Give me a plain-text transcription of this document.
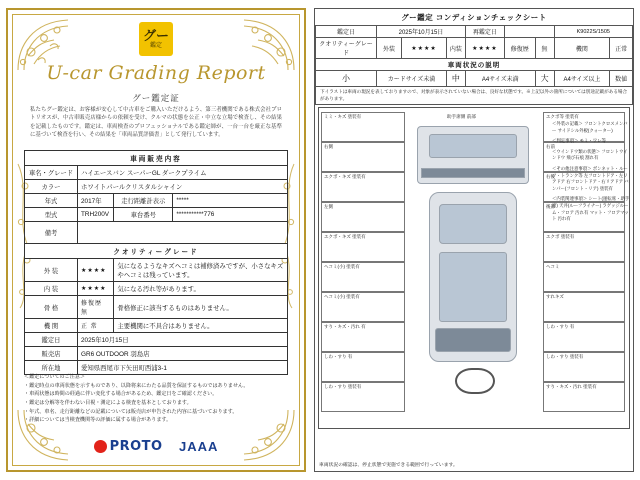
グー
鑑定
U-car Grading Report
グー鑑定証
私たちグー鑑定は、お客様が安心して中古車をご購入いただけるよう、第三者機関である株式会社プロトリオスが、中古車販売店様からの依頼を受け、クルマの状態を公正・中立な立場で検査し、その結果を記載したものです。鑑定は、車両検査のプロフェッショナルである鑑定師が、一台一台を厳正な基準に基づいて検査を行い、その結果を「車両品質評価書」として発行しています。
車両販売内容			
車名・グレード	ハイエースバン スーパーGL ダークプライム		
カラー	ホワイトパールクリスタルシャイン		
年式	2017年	走行距離計表示	*****
型式	TRH200V	車台番号	***********776
備考			
クオリティーグレード			
外 装	★★★★	気になるようなキズヘコミは補修済みですが、小さなキズやヘコミは残っています。	
内 装	★★★★	気になる汚れ等があります。	
骨 格	修復歴 無	骨格修正に該当するものはありません。	
機 関	正 常	主要機関に不具合はありません。	
鑑定日	2025年10月15日		
販売店	GR6 OUTDOOR 羽島店		
所在地	愛知県西尾市下矢田町西浦3-1		
＜鑑定についてのご注意＞
・鑑定時点の車両状態を示すものであり、以降将来にわたる品質を保証するものではありません。
・車両状態は時間の経過に伴い変化する場合があるため、鑑定日をご確認ください。
・鑑定は分解等を伴わない目視・測定による検査を基本としております。
・年式、車名、走行距離などの記載については販売店が申告された内容に基づいております。
・詳細については当検査機関等の評価に属する場合があります。
PROTO JAAA
グー鑑定 コンディションチェックシート
鑑定日	2025年10月15日			再鑑定日			K9022S/1505	
クオリティーグレード	外装	★★★★	内装	★★★★	修復歴	無	機関	正常
車両状況の説明								
小	カードサイズ未満		中	A4サイズ未満		大	A4サイズ以上	数値
下イラストは車両の現況を表しておりますので、対象が表示されていない場合は、良好な状態です。※上記以外の箇所については別途記載がある場合があります。
ミミ・キズ 塗装有
右側
エクボ・キズ 塗装有
左側
エクボ・キズ 塗装有
ヘコミ(小) 塗装有
ヘコミ(小) 塗装有
すり・キズ・汚れ 有
しわ・すり 有
しわ・すり 塗装有
エクボ等 塗装有
右前
右後
後部
エクボ 塗装有
ヘコミ
すれキズ
しわ・すり 有
しわ・すり 塗装有
すり・キズ・汚れ 塗装有
助手席側 前部
＜外装の記載＞ フロントクロスメンバー サイドシル外板(クォーター)
＜判定事項＞ モミ・ワレ等
＜ウインドウ類の状態＞ フロントウインドウ 飛び石痕 割れ有
＜その他注意事項＞ ボンネット・ルーフ・トランク等 左フロントドア・左リアドア 右フロントドア・右リアドア バンパー(フロント・リア) 塗装有
＜内装関連事項＞ シート(運転席・助手席) 天井(ルーフライナー) ラゲッジルーム・フロア 汚れ有 マット・フロアマット 汚れ有
車両状況の確認は、停止状態で実施できる範囲で行っています。
